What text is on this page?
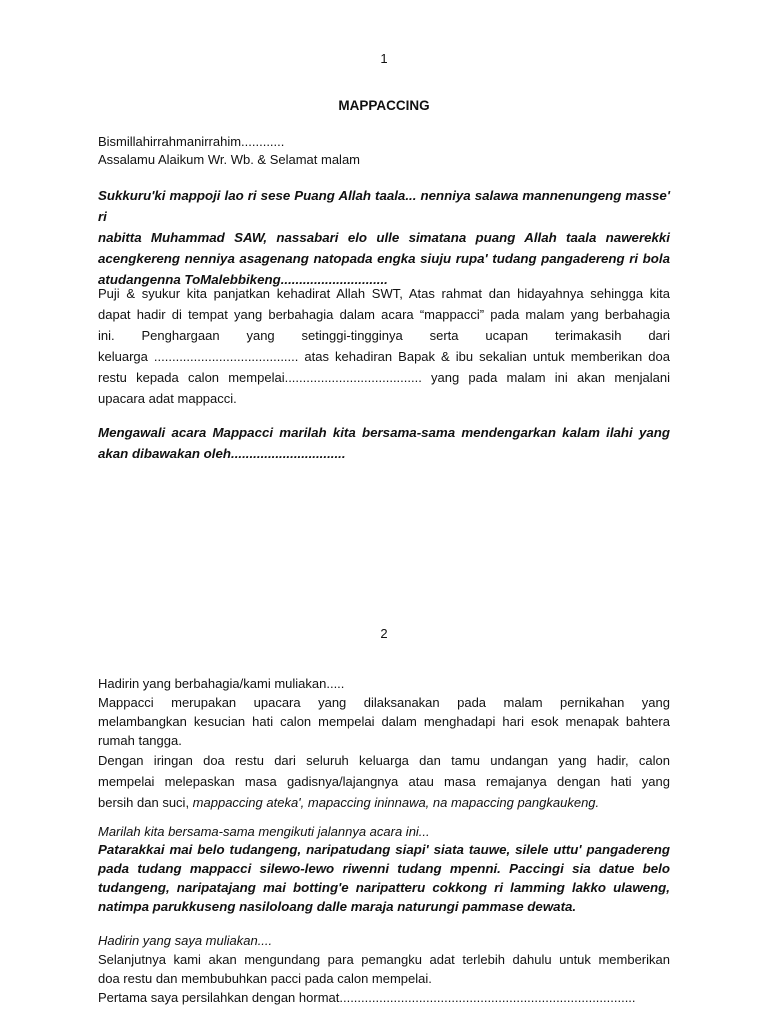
1
MAPPACCING
Bismillahirrahmanirrahim............
Assalamu Alaikum Wr. Wb. & Selamat malam
Sukkuru'ki mappoji lao ri sese Puang Allah taala... nenniya salawa mannenungeng masse' ri
nabitta Muhammad SAW, nassabari elo ulle simatana puang Allah taala nawerekki
acengkereng nenniya asagenang natopada engka siuju rupa' tudang pangadereng ri bola
atudangenna ToMalebbikeng.............................
Puji & syukur kita panjatkan kehadirat Allah SWT, Atas rahmat dan hidayahnya sehingga kita
dapat hadir di tempat yang berbahagia dalam acara “mappacci” pada malam yang berbahagia
ini. Penghargaan yang setinggi-tingginya serta ucapan terimakasih dari
keluarga ........................................ atas kehadiran Bapak & ibu sekalian untuk memberikan doa
restu kepada calon mempelai...................................... yang pada malam ini akan menjalani
upacara adat mappacci.
Mengawali acara Mappacci marilah kita bersama-sama mendengarkan kalam ilahi yang
akan dibawakan oleh...............................
2
Hadirin yang berbahagia/kami muliakan.....
Mappacci merupakan upacara yang dilaksanakan pada malam pernikahan yang
melambangkan kesucian hati calon mempelai dalam menghadapi hari esok menapak bahtera
rumah tangga.
Dengan iringan doa restu dari seluruh keluarga dan tamu undangan yang hadir, calon
mempelai melepaskan masa gadisnya/lajangnya atau masa remajanya dengan hati yang
bersih dan suci, mappaccing ateka', mapaccing ininnawa, na mapaccing pangkaukeng.
Marilah kita bersama-sama mengikuti jalannya acara ini...
Patarakkai mai belo tudangeng, naripatudang siapi' siata tauwe, silele uttu' pangadereng
pada tudang mappacci silewo-lewo riwenni tudang mpenni. Paccingi sia datue belo
tudangeng, naripatajang mai botting'e naripatteru cokkong ri lamming lakko ulaweng,
natimpa parukkuseng nasiloloang dalle maraja naturungi pammase dewata.
Hadirin yang saya muliakan....
Selanjutnya kami akan mengundang para pemangku adat terlebih dahulu untuk memberikan
doa restu dan membubuhkan pacci pada calon mempelai.
Pertama saya persilahkan dengan hormat..................................................................................
